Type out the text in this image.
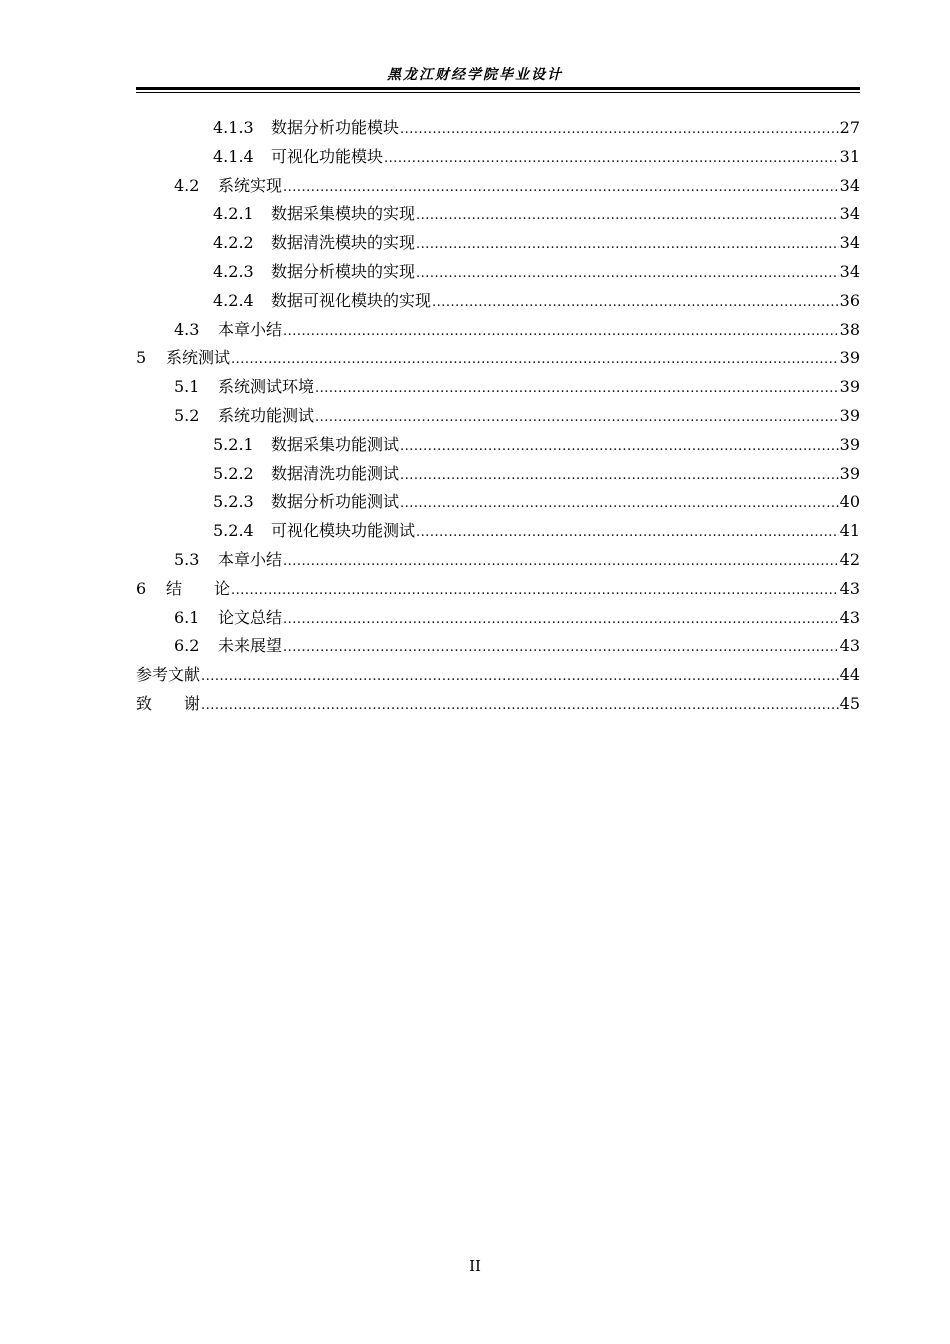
黑龙江财经学院毕业设计
4.1.3	数据分析功能模块 .....	27
4.1.4	可视化功能模块 .....	31
4.2	系统实现 .....	34
4.2.1	数据采集模块的实现 .....	34
4.2.2	数据清洗模块的实现 .....	34
4.2.3	数据分析模块的实现 .....	34
4.2.4	数据可视化模块的实现 .....	36
4.3	本章小结 .....	38
5	系统测试 .....	39
5.1	系统测试环境 .....	39
5.2	系统功能测试 .....	39
5.2.1	数据采集功能测试 .....	39
5.2.2	数据清洗功能测试 .....	39
5.2.3	数据分析功能测试 .....	40
5.2.4	可视化模块功能测试 .....	41
5.3	本章小结 .....	42
6	结　　论 .....	43
6.1	论文总结 .....	43
6.2	未来展望 .....	43
参考文献 .....	44
致　　谢 .....	45
II
